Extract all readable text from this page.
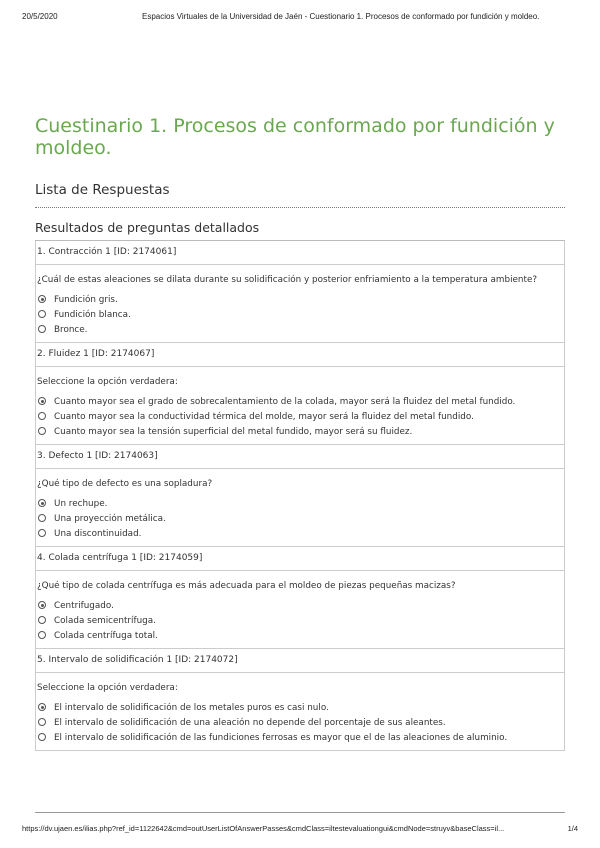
20/5/2020	Espacios Virtuales de la Universidad de Jaén - Cuestionario 1. Procesos de conformado por fundición y moldeo.
Cuestinario 1. Procesos de conformado por fundición y moldeo.
Lista de Respuestas
Resultados de preguntas detallados
1. Contracción 1 [ID: 2174061]
¿Cuál de estas aleaciones se dilata durante su solidificación y posterior enfriamiento a la temperatura ambiente?
Fundición gris.
Fundición blanca.
Bronce.
2. Fluidez 1 [ID: 2174067]
Seleccione la opción verdadera:
Cuanto mayor sea el grado de sobrecalentamiento de la colada, mayor será la fluidez del metal fundido.
Cuanto mayor sea la conductividad térmica del molde, mayor será la fluidez del metal fundido.
Cuanto mayor sea la tensión superficial del metal fundido, mayor será su fluidez.
3. Defecto 1 [ID: 2174063]
¿Qué tipo de defecto es una sopladura?
Un rechupe.
Una proyección metálica.
Una discontinuidad.
4. Colada centrífuga 1 [ID: 2174059]
¿Qué tipo de colada centrífuga es más adecuada para el moldeo de piezas pequeñas macizas?
Centrifugado.
Colada semicentrífuga.
Colada centrífuga total.
5. Intervalo de solidificación 1 [ID: 2174072]
Seleccione la opción verdadera:
El intervalo de solidificación de los metales puros es casi nulo.
El intervalo de solidificación de una aleación no depende del porcentaje de sus aleantes.
El intervalo de solidificación de las fundiciones ferrosas es mayor que el de las aleaciones de aluminio.
https://dv.ujaen.es/ilias.php?ref_id=1122642&cmd=outUserListOfAnswerPasses&cmdClass=iltestevaluationgui&cmdNode=struyv&baseClass=il...	1/4
